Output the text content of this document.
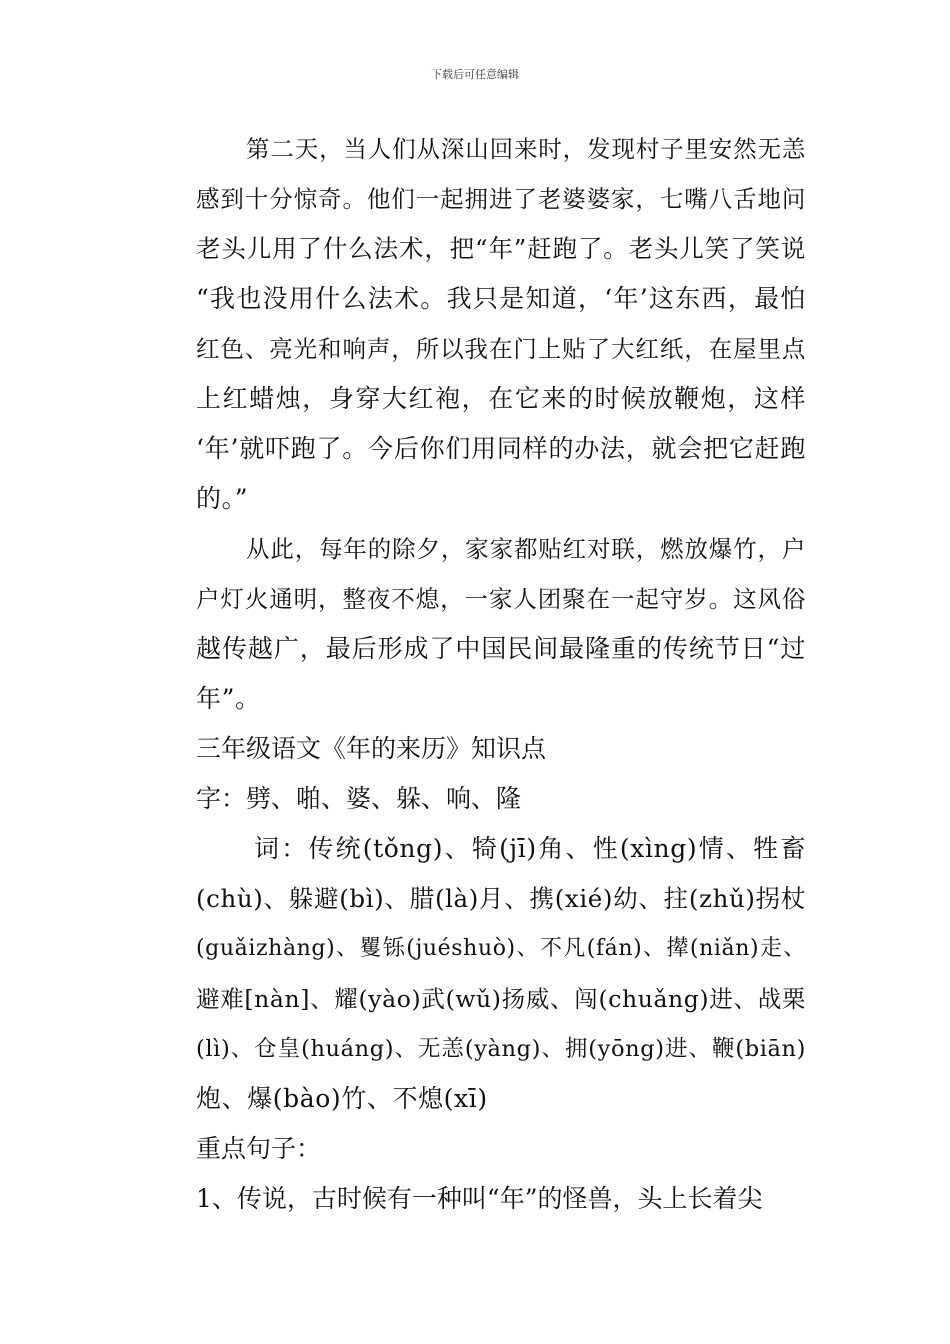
下载后可任意编辑
第二天，当人们从深山回来时，发现村子里安然无恙
感到十分惊奇。他们一起拥进了老婆婆家，七嘴八舌地问
老头儿用了什么法术，把“年”赶跑了。老头儿笑了笑说
“我也没用什么法术。我只是知道，‘年’这东西，最怕
红色、亮光和响声，所以我在门上贴了大红纸，在屋里点
上红蜡烛，身穿大红袍，在它来的时候放鞭炮，这样
‘年’就吓跑了。今后你们用同样的办法，就会把它赶跑
的。”
从此，每年的除夕，家家都贴红对联，燃放爆竹，户
户灯火通明，整夜不熄，一家人团聚在一起守岁。这风俗
越传越广，最后形成了中国民间最隆重的传统节日“过
年”。
三年级语文《年的来历》知识点
字：劈、啪、婆、躲、响、隆
词：传统(tǒng)、犄(jī)角、性(xìng)情、牲畜
(chù)、躲避(bì)、腊(là)月、携(xié)幼、拄(zhǔ)拐杖
(guǎizhàng)、矍铄(juéshuò)、不凡(fán)、撵(niǎn)走、
避难[nàn]、耀(yào)武(wǔ)扬威、闯(chuǎng)进、战栗
(lì)、仓皇(huáng)、无恙(yàng)、拥(yōng)进、鞭(biān)
炮、爆(bào)竹、不熄(xī)
重点句子：
1、传说，古时候有一种叫“年”的怪兽，头上长着尖
